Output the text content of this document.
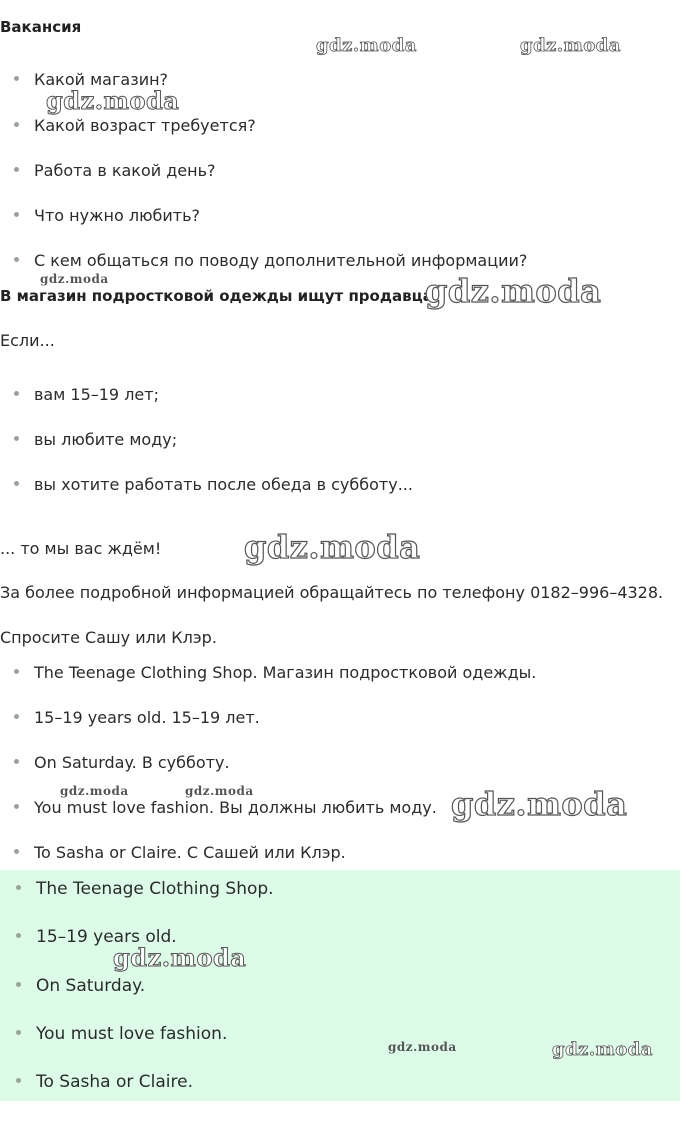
Вакансия
Какой магазин?
Какой возраст требуется?
Работа в какой день?
Что нужно любить?
С кем общаться по поводу дополнительной информации?
В магазин подростковой одежды ищут продавца
Если...
вам 15–19 лет;
вы любите моду;
вы хотите работать после обеда в субботу...
... то мы вас ждём!
За более подробной информацией обращайтесь по телефону 0182–996–4328.
Спросите Сашу или Клэр.
The Teenage Clothing Shop. Магазин подростковой одежды.
15–19 years old. 15–19 лет.
On Saturday. В субботу.
You must love fashion. Вы должны любить моду.
To Sasha or Claire. С Сашей или Клэр.
The Teenage Clothing Shop.
15–19 years old.
On Saturday.
You must love fashion.
To Sasha or Claire.
gdz.moda	gdz.moda
gdz.moda
gdz.moda	gdz.moda
gdz.moda
gdz.moda	gdz.moda	gdz.moda
gdz.moda
gdz.moda	gdz.moda
